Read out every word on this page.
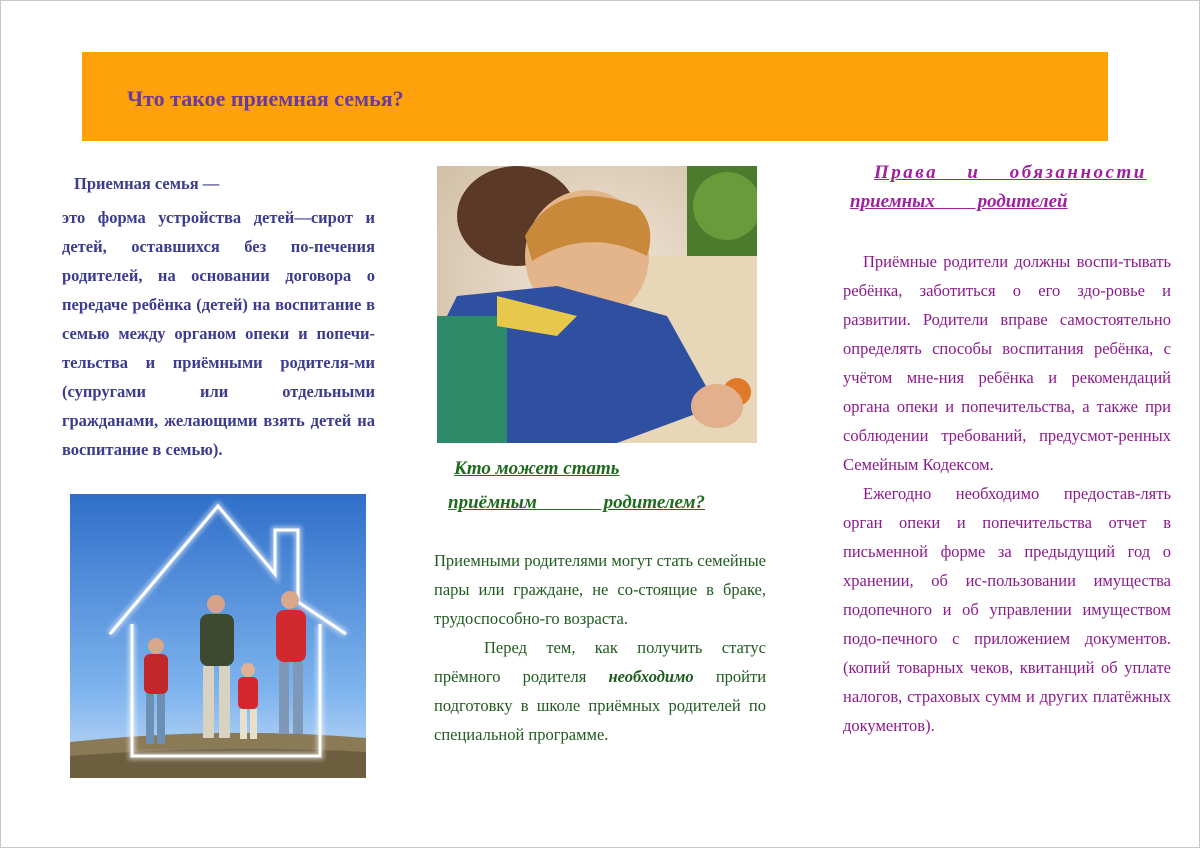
Что такое приемная семья?

Приемная семья —

это форма устройства детей—сирот и детей, оставшихся без по-печения родителей, на основании договора о передаче ребёнка (детей) на воспитание в семью между органом опеки и попечи-тельства и приёмными родителя-ми (супругами или отдельными гражданами, желающими взять детей на воспитание в семью).

Кто может стать
приёмным родителем?

Приемными родителями могут стать семейные пары или граждане, не со-стоящие в браке, трудоспособно-го возраста.

Перед тем, как получить статус прёмного родителя необходимо пройти подготовку в школе приёмных родителей по специальной программе.

Права и обязанности
приемных родителей

Приёмные родители должны воспи-тывать ребёнка, заботиться о его здо-ровье и развитии. Родители вправе самостоятельно определять способы воспитания ребёнка, с учётом мне-ния ребёнка и рекомендаций органа опеки и попечительства, а также при соблюдении требований, предусмот-ренных Семейным Кодексом.

Ежегодно необходимо предостав-лять орган опеки и попечительства отчет в письменной форме за предыдущий год о хранении, об ис-пользовании имущества подопечного и об управлении имуществом подо-печного с приложением документов. (копий товарных чеков, квитанций об уплате налогов, страховых сумм и других платёжных документов).
